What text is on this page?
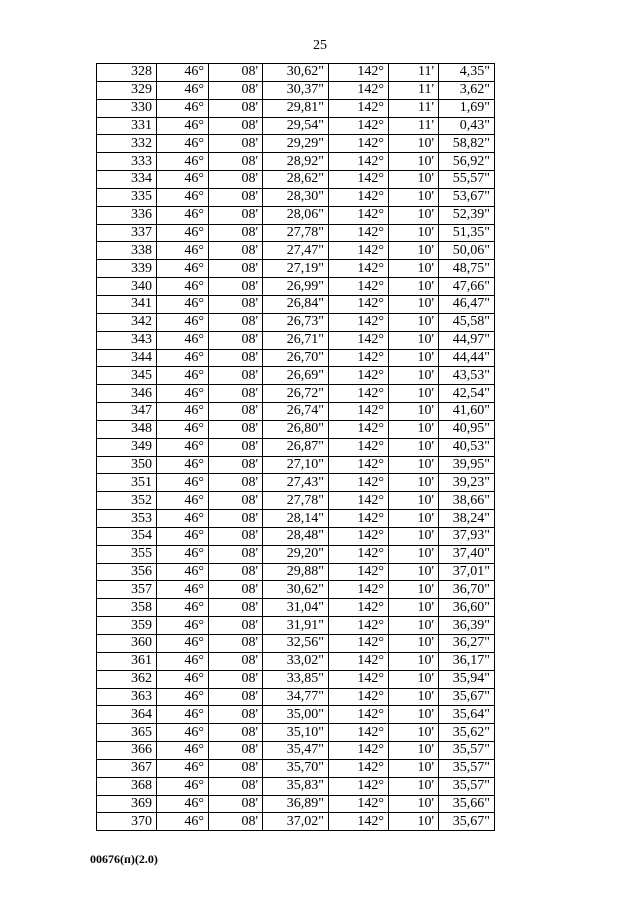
25
328	46°	08'	30,62"	142°	11'	4,35"
329	46°	08'	30,37"	142°	11'	3,62"
330	46°	08'	29,81"	142°	11'	1,69"
331	46°	08'	29,54"	142°	11'	0,43"
332	46°	08'	29,29"	142°	10'	58,82"
333	46°	08'	28,92"	142°	10'	56,92"
334	46°	08'	28,62"	142°	10'	55,57"
335	46°	08'	28,30"	142°	10'	53,67"
336	46°	08'	28,06"	142°	10'	52,39"
337	46°	08'	27,78"	142°	10'	51,35"
338	46°	08'	27,47"	142°	10'	50,06"
339	46°	08'	27,19"	142°	10'	48,75"
340	46°	08'	26,99"	142°	10'	47,66"
341	46°	08'	26,84"	142°	10'	46,47"
342	46°	08'	26,73"	142°	10'	45,58"
343	46°	08'	26,71"	142°	10'	44,97"
344	46°	08'	26,70"	142°	10'	44,44"
345	46°	08'	26,69"	142°	10'	43,53"
346	46°	08'	26,72"	142°	10'	42,54"
347	46°	08'	26,74"	142°	10'	41,60"
348	46°	08'	26,80"	142°	10'	40,95"
349	46°	08'	26,87"	142°	10'	40,53"
350	46°	08'	27,10"	142°	10'	39,95"
351	46°	08'	27,43"	142°	10'	39,23"
352	46°	08'	27,78"	142°	10'	38,66"
353	46°	08'	28,14"	142°	10'	38,24"
354	46°	08'	28,48"	142°	10'	37,93"
355	46°	08'	29,20"	142°	10'	37,40"
356	46°	08'	29,88"	142°	10'	37,01"
357	46°	08'	30,62"	142°	10'	36,70"
358	46°	08'	31,04"	142°	10'	36,60"
359	46°	08'	31,91"	142°	10'	36,39"
360	46°	08'	32,56"	142°	10'	36,27"
361	46°	08'	33,02"	142°	10'	36,17"
362	46°	08'	33,85"	142°	10'	35,94"
363	46°	08'	34,77"	142°	10'	35,67"
364	46°	08'	35,00"	142°	10'	35,64"
365	46°	08'	35,10"	142°	10'	35,62"
366	46°	08'	35,47"	142°	10'	35,57"
367	46°	08'	35,70"	142°	10'	35,57"
368	46°	08'	35,83"	142°	10'	35,57"
369	46°	08'	36,89"	142°	10'	35,66"
370	46°	08'	37,02"	142°	10'	35,67"
00676(п)(2.0)
